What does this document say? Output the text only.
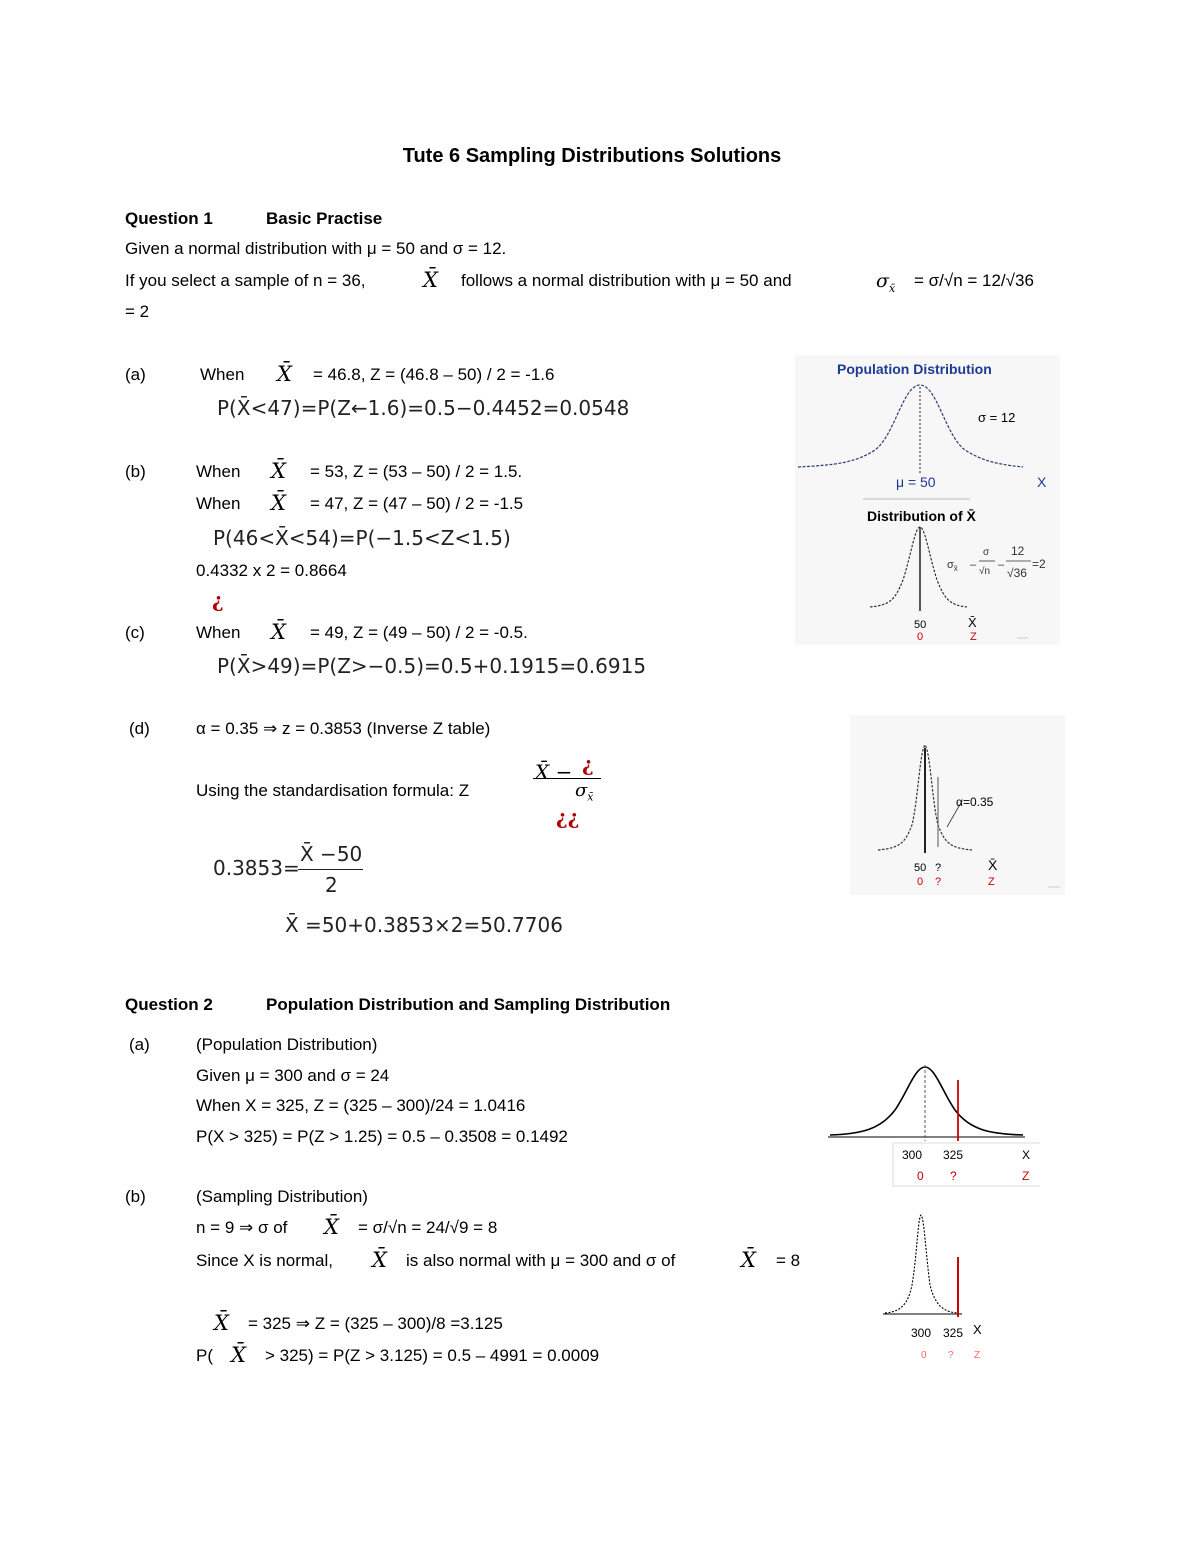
Tute 6 Sampling Distributions Solutions
Question 1	Basic Practise
Given a normal distribution with μ = 50 and σ = 12.
If you select a sample of n = 36,	X̄ follows a normal distribution with μ = 50 and	$\sigma_{x̄} = \sigma/√n = 12/√36$
= 2
(a)	When X̄ = 46.8, Z = (46.8 – 50) / 2 = -1.6
P(X̄<47)=P(Z←1.6)=0.5−0.4452=0.0548
(b)	When X̄ = 53, Z = (53 – 50) / 2 = 1.5.
When X̄ = 47, Z = (47 – 50) / 2 = -1.5
P(46<X̄<54)=P(−1.5<Z<1.5)
0.4332 x 2 = 0.8664
¿
(c)	When X̄ = 49, Z = (49 – 50) / 2 = -0.5.
P(X̄>49)=P(Z>−0.5)=0.5+0.1915=0.6915
(d)	α = 0.35 ⇒ z = 0.3853 (Inverse Z table)
Using the standardisation formula: Z
X̄ − ¿
$\sigma_{x̄}$
¿¿
0.3853=
X̄ −50
2
X̄ =50+0.3853×2=50.7706
Question 2	Population Distribution and Sampling Distribution
(a)	(Population Distribution)
Given μ = 300 and σ = 24
When X = 325, Z = (325 – 300)/24 = 1.0416
P(X > 325) = P(Z > 1.25) = 0.5 – 0.3508 = 0.1492
(b)	(Sampling Distribution)
n = 9 ⇒ σ of X̄ = σ/√n = 24/√9 = 8
Since X is normal, X̄ is also normal with μ = 300 and σ of	X̄ = 8
X̄ = 325 ⇒ Z = (325 – 300)/8 =3.125
P( X̄ > 325) = P(Z > 3.125) = 0.5 – 4991 = 0.0009
Population Distribution
σ = 12
μ = 50	X
Distribution of X̄
$\sigma_{x̄}$ –
σ
√n
–
12
√36
=2
50
0
X̄
Z
α=0.35
50 ?	X̄
0 ?	Z
300 325	X
0 ?	Z
300 325 X
0 ? Z
